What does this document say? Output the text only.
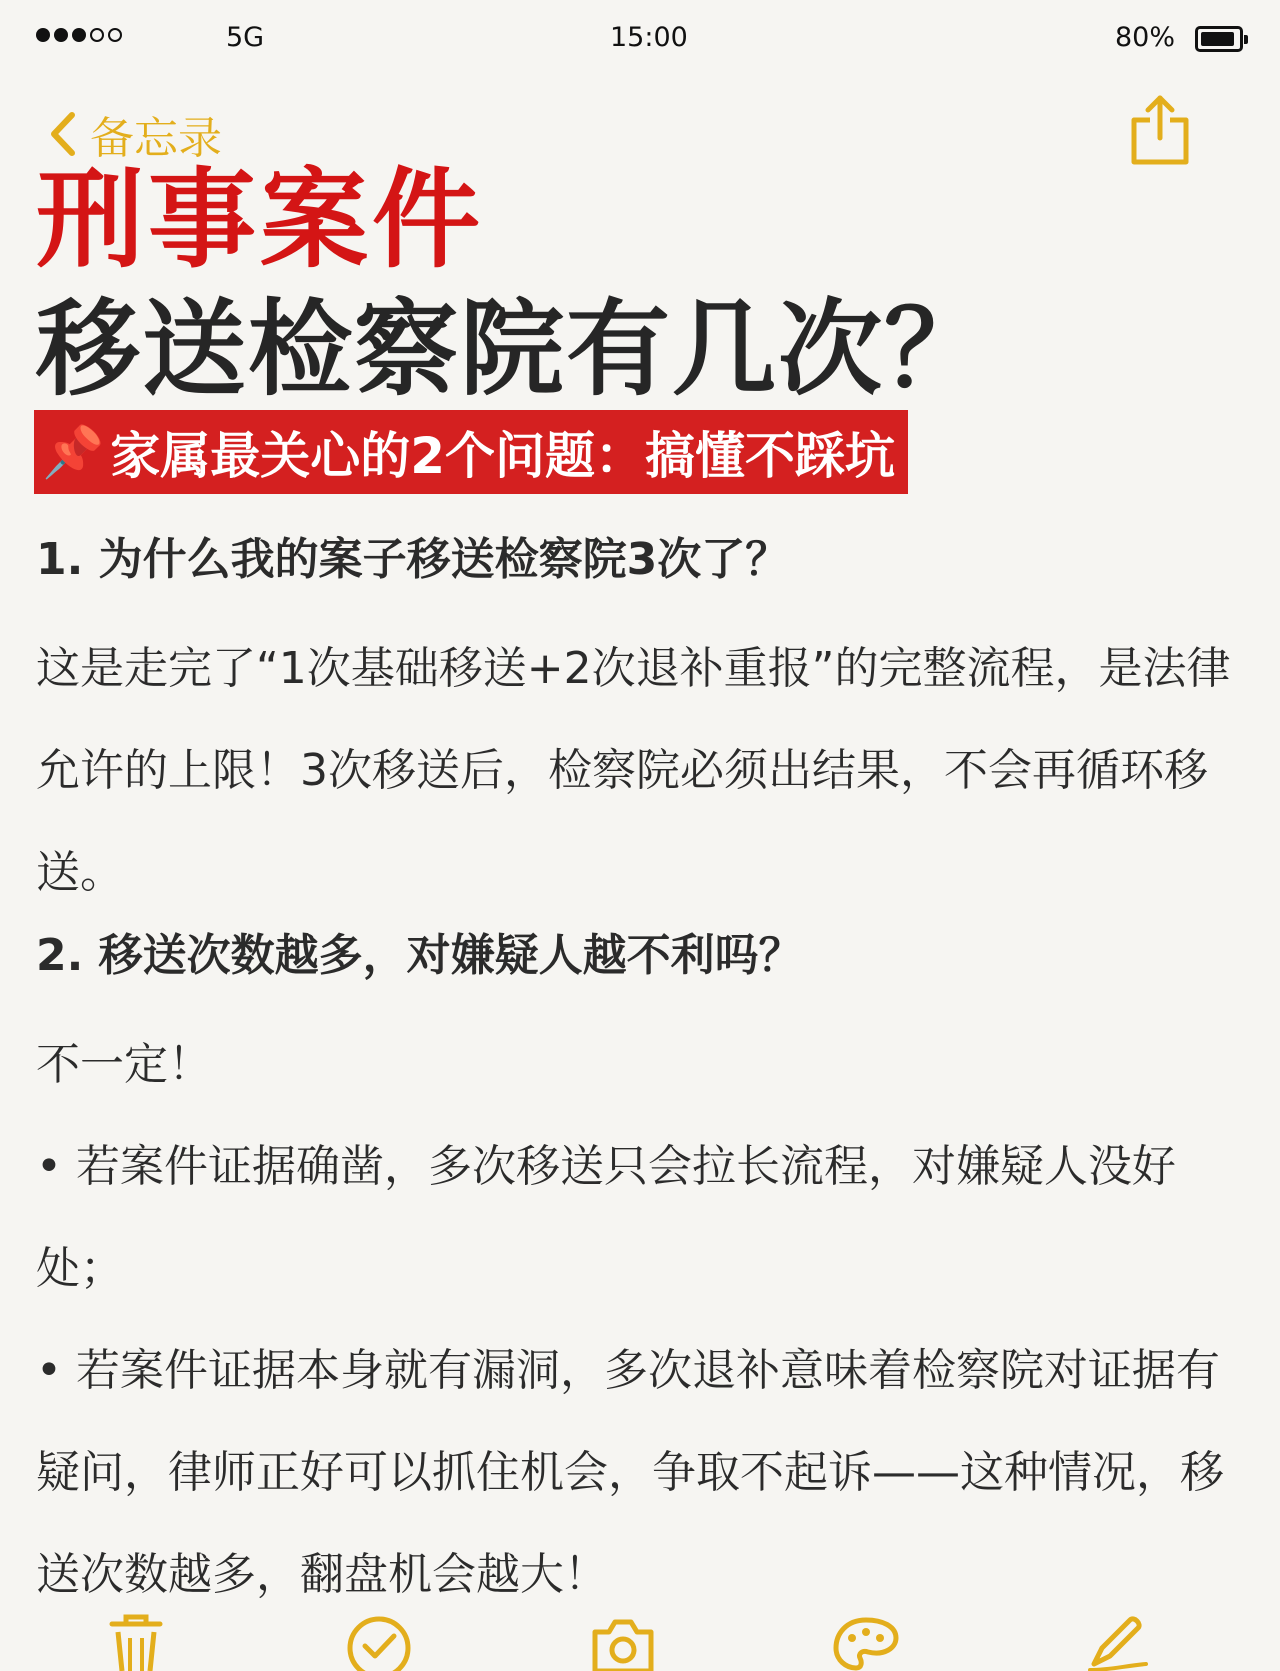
5G	15:00	80%
备忘录
刑事案件
移送检察院有几次？
📌 家属最关心的2个问题：搞懂不踩坑

1. 为什么我的案子移送检察院3次了？

这是走完了“1次基础移送+2次退补重报”的完整流程，是法律允许的上限！3次移送后，检察院必须出结果，不会再循环移送。

2. 移送次数越多，对嫌疑人越不利吗？

不一定！

• 若案件证据确凿，多次移送只会拉长流程，对嫌疑人没好处；

• 若案件证据本身就有漏洞，多次退补意味着检察院对证据有疑问，律师正好可以抓住机会，争取不起诉——这种情况，移送次数越多，翻盘机会越大！
